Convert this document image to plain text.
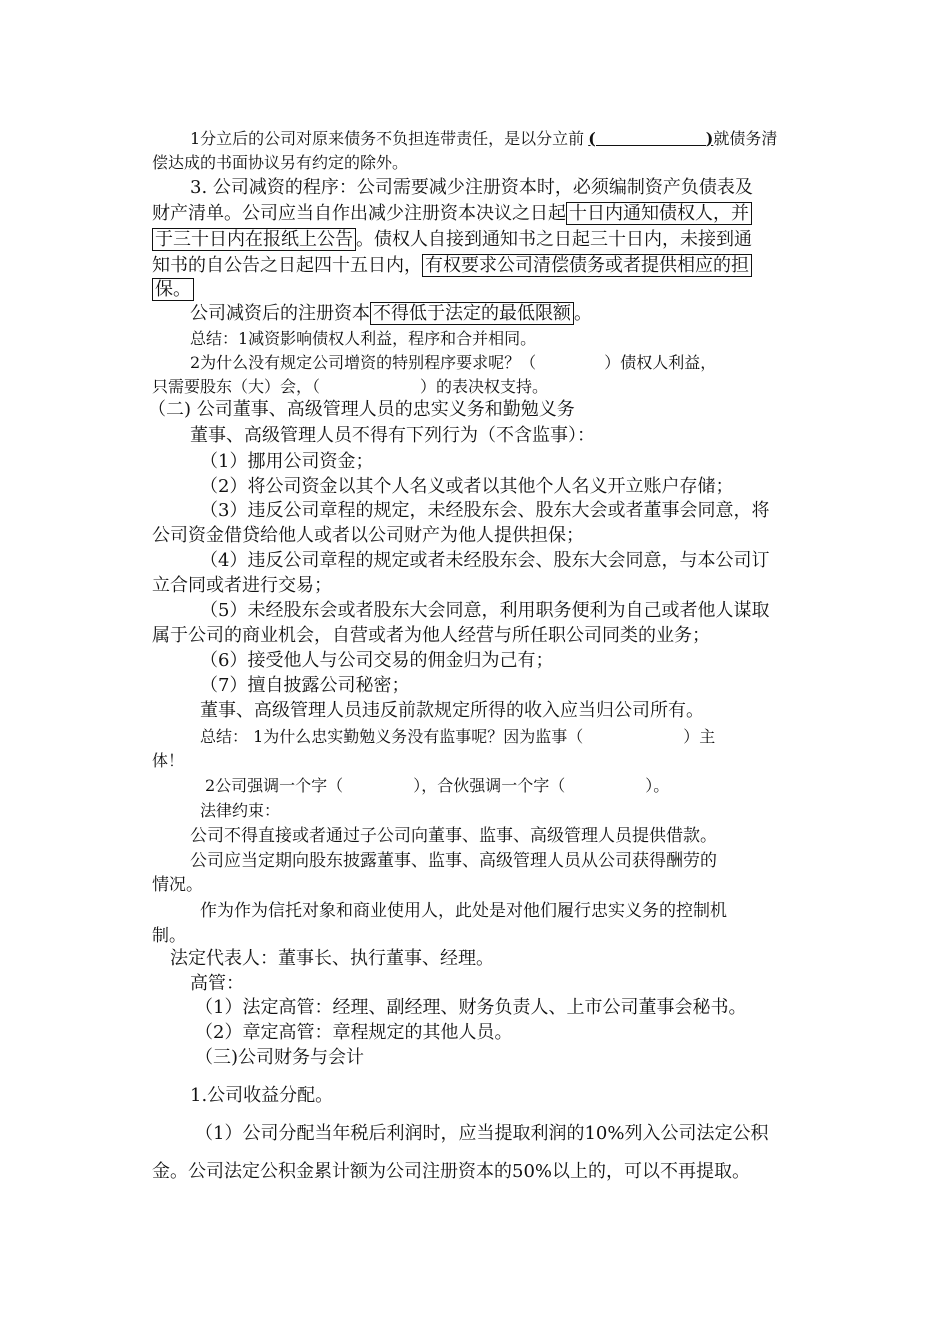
1分立后的公司对原来债务不负担连带责任，是以分立前 (	)就债务清
偿达成的书面协议另有约定的除外。
3. 公司减资的程序：公司需要减少注册资本时，必须编制资产负债表及
财产清单。公司应当自作出减少注册资本决议之日起 十日内通知债权人，并
于三十日内在报纸上公告 。债权人自接到通知书之日起三十日内，未接到通
知书的自公告之日起四十五日内， 有权要求公司清偿债务或者提供相应的担
保。
公司减资后的注册资本 不得低于法定的最低限额 。
总结：1减资影响债权人利益，程序和合并相同。
2为什么没有规定公司增资的特别程序要求呢？（	）债权人利益，
只需要股东（大）会，（	）的表决权支持。
（二) 公司董事、高级管理人员的忠实义务和勤勉义务
董事、高级管理人员不得有下列行为（不含监事）：
（1）挪用公司资金；
（2）将公司资金以其个人名义或者以其他个人名义开立账户存储；
（3）违反公司章程的规定，未经股东会、股东大会或者董事会同意，将
公司资金借贷给他人或者以公司财产为他人提供担保；
（4）违反公司章程的规定或者未经股东会、股东大会同意，与本公司订
立合同或者进行交易；
（5）未经股东会或者股东大会同意，利用职务便利为自己或者他人谋取
属于公司的商业机会，自营或者为他人经营与所任职公司同类的业务；
（6）接受他人与公司交易的佣金归为己有；
（7）擅自披露公司秘密；
董事、高级管理人员违反前款规定所得的收入应当归公司所有。
总结： 1为什么忠实勤勉义务没有监事呢？因为监事（	）主
体！
2公司强调一个字（	），合伙强调一个字（	）。
法律约束：
公司不得直接或者通过子公司向董事、监事、高级管理人员提供借款。
公司应当定期向股东披露董事、监事、高级管理人员从公司获得酬劳的
情况。
作为作为信托对象和商业使用人，此处是对他们履行忠实义务的控制机
制。
法定代表人：董事长、执行董事、经理。
高管：
（1）法定高管：经理、副经理、财务负责人、上市公司董事会秘书。
（2）章定高管：章程规定的其他人员。
（三)公司财务与会计
1.公司收益分配。
（1）公司分配当年税后利润时，应当提取利润的10%列入公司法定公积
金。公司法定公积金累计额为公司注册资本的50%以上的，可以不再提取。
